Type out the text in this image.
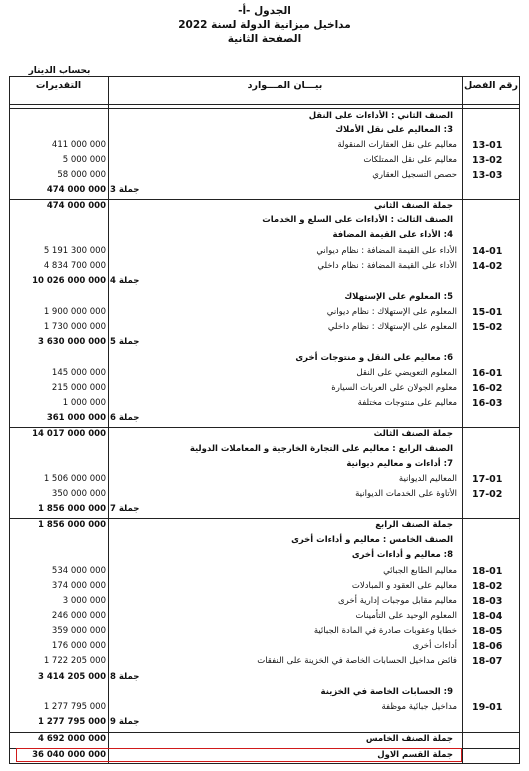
الجدول -أ-
مداخيل ميزانية الدولة لسنة 2022
الصفحة الثانية
بحساب الدينار
التقديرات	بيـــان المـــوارد	رقم الفصل
الصنف الثاني : الأداءات على النقل
3: المعاليم على نقل الأملاك
معاليم على نقل العقارات المنقولة 13-01
411 000 000
معاليم على نقل الممتلكات 13-02
5 000 000
حصص التسجيل العقاري 13-03
58 000 000
جملة 3
474 000 000
جملة الصنف الثاني
474 000 000
الصنف الثالث : الأداءات على السلع و الخدمات
4: الأداء على القيمة المضافة
الأداء على القيمة المضافة : نظام ديواني 14-01
5 191 300 000
الأداء على القيمة المضافة : نظام داخلي 14-02
4 834 700 000
جملة 4
10 026 000 000
5: المعلوم على الإستهلاك
المعلوم على الإستهلاك : نظام ديواني 15-01
1 900 000 000
المعلوم على الإستهلاك : نظام داخلي 15-02
1 730 000 000
جملة 5
3 630 000 000
6: معاليم على النقل و منتوجات أخرى
المعلوم التعويضي على النقل 16-01
145 000 000
معلوم الجولان على العربات السيارة 16-02
215 000 000
معاليم على منتوجات مختلفة 16-03
1 000 000
جملة 6
361 000 000
جملة الصنف الثالث
14 017 000 000
الصنف الرابع : معاليم على التجارة الخارجية و المعاملات الدولية
7: أداءات و معاليم ديوانية
المعاليم الديوانية 17-01
1 506 000 000
الأتاوة على الخدمات الديوانية 17-02
350 000 000
جملة 7
1 856 000 000
جملة الصنف الرابع
1 856 000 000
الصنف الخامس : معاليم و أداءات أخرى
8: معاليم و أداءات أخرى
معاليم الطابع الجبائي 18-01
534 000 000
معاليم على العقود و المبادلات 18-02
374 000 000
معاليم مقابل موجبات إدارية أخرى 18-03
3 000 000
المعلوم الوحيد على التأمينات 18-04
246 000 000
خطايا وعقوبات صادرة في المادة الجبائية 18-05
359 000 000
أداءات أخرى 18-06
176 000 000
فائض مداخيل الحسابات الخاصة في الخزينة على النفقات 18-07
1 722 205 000
جملة 8
3 414 205 000
9: الحسابات الخاصة في الخزينة
مداخيل جبائية موظفة 19-01
1 277 795 000
جملة 9
1 277 795 000
جملة الصنف الخامس
4 692 000 000
جملة القسم الاول
36 040 000 000
